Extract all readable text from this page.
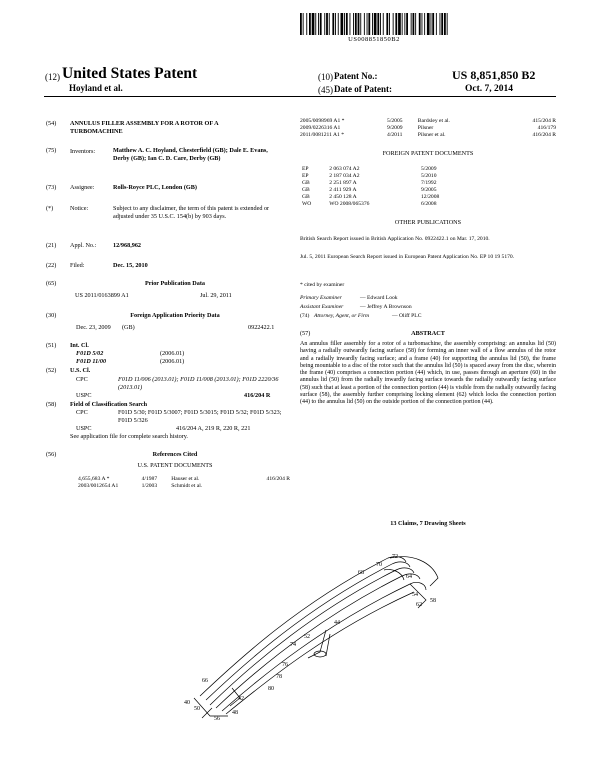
US008851850B2
(12) United States Patent
Hoyland et al.
(10) Patent No.:	US 8,851,850 B2
(45) Date of Patent:	Oct. 7, 2014
(54) ANNULUS FILLER ASSEMBLY FOR A ROTOR OF A TURBOMACHINE
(75) Inventors:	Matthew A. C. Hoyland, Chesterfield (GB); Dale E. Evans, Derby (GB); Ian C. D. Care, Derby (GB)
(73) Assignee:	Rolls-Royce PLC, London (GB)
(*)	Notice:	Subject to any disclaimer, the term of this patent is extended or adjusted under 35 U.S.C. 154(b) by 903 days.
(21) Appl. No.:	12/968,962
(22) Filed:	Dec. 15, 2010
(65)	Prior Publication Data
US 2011/0163899 A1	Jul. 29, 2011
(30)	Foreign Application Priority Data
Dec. 23, 2009 (GB)	0922422.1
(51) Int. Cl.
F01D 5/02	(2006.01)
F01D 11/00	(2006.01)
(52) U.S. Cl.
CPC	F01D 11/006 (2013.01); F01D 11/008 (2013.01); F01D 2220/36 (2013.01)
USPC	416/204 R
(58) Field of Classification Search
CPC	F01D 5/30; F01D 5/3007; F01D 5/3015; F01D 5/32; F01D 5/323; F01D 5/326
USPC	416/204 A, 219 R, 220 R, 221
See application file for complete search history.
(56)	References Cited
U.S. PATENT DOCUMENTS
4,655,683 A *	4/1987	Hauser et al.	416/204 R
2003/0012654 A1	1/2003	Schmidt et al.	
2005/0098969 A1 *	5/2005	Bardsley et al.	415/204 R
2009/0226316 A1	9/2009	Pilsner	416/179
2011/0081211 A1 *	4/2011	Pilsner et al.	416/204 R
FOREIGN PATENT DOCUMENTS
EP	2 063 074 A2	5/2009
EP	2 187 034 A2	5/2010
GB	2 251 897 A	7/1992
GB	2 411 929 A	9/2005
GB	2 450 128 A	12/2008
WO	WO 2008/065376	6/2008
OTHER PUBLICATIONS
British Search Report issued in British Application No. 0922422.1 on Mar. 17, 2010.
Jul. 5, 2011 European Search Report issued in European Patent Application No. EP 10 19 5170.
* cited by examiner
Primary Examiner	— Edward Look
Assistant Examiner	— Jeffrey A Brownson
(74) Attorney, Agent, or Firm	— Oliff PLC
(57)	ABSTRACT
An annulus filler assembly for a rotor of a turbomachine, the assembly comprising: an annulus lid (50) having a radially outwardly facing surface (58) for forming an inner wall of a flow annulus of the rotor and a radially inwardly facing surface; and a frame (40) for supporting the annulus lid (50), the frame being mountable to a disc of the rotor such that the annulus lid (50) is spaced away from the disc, wherein the frame (40) comprises a connection portion (44) which, in use, passes through an aperture (60) in the annulus lid (50) from the radially inwardly facing surface towards the radially outwardly facing surface (58) such that at least a portion of the connection portion (44) is visible from the radially outwardly facing surface (58), the assembly further comprising locking element (62) which locks the connection portion (44) to the annulus lid (50) on the outside portion of the connection portion (44).
13 Claims, 7 Drawing Sheets
72
70
68
64
54
62
58
44
52
74
76
78
80
66
42
48
56
50
40
